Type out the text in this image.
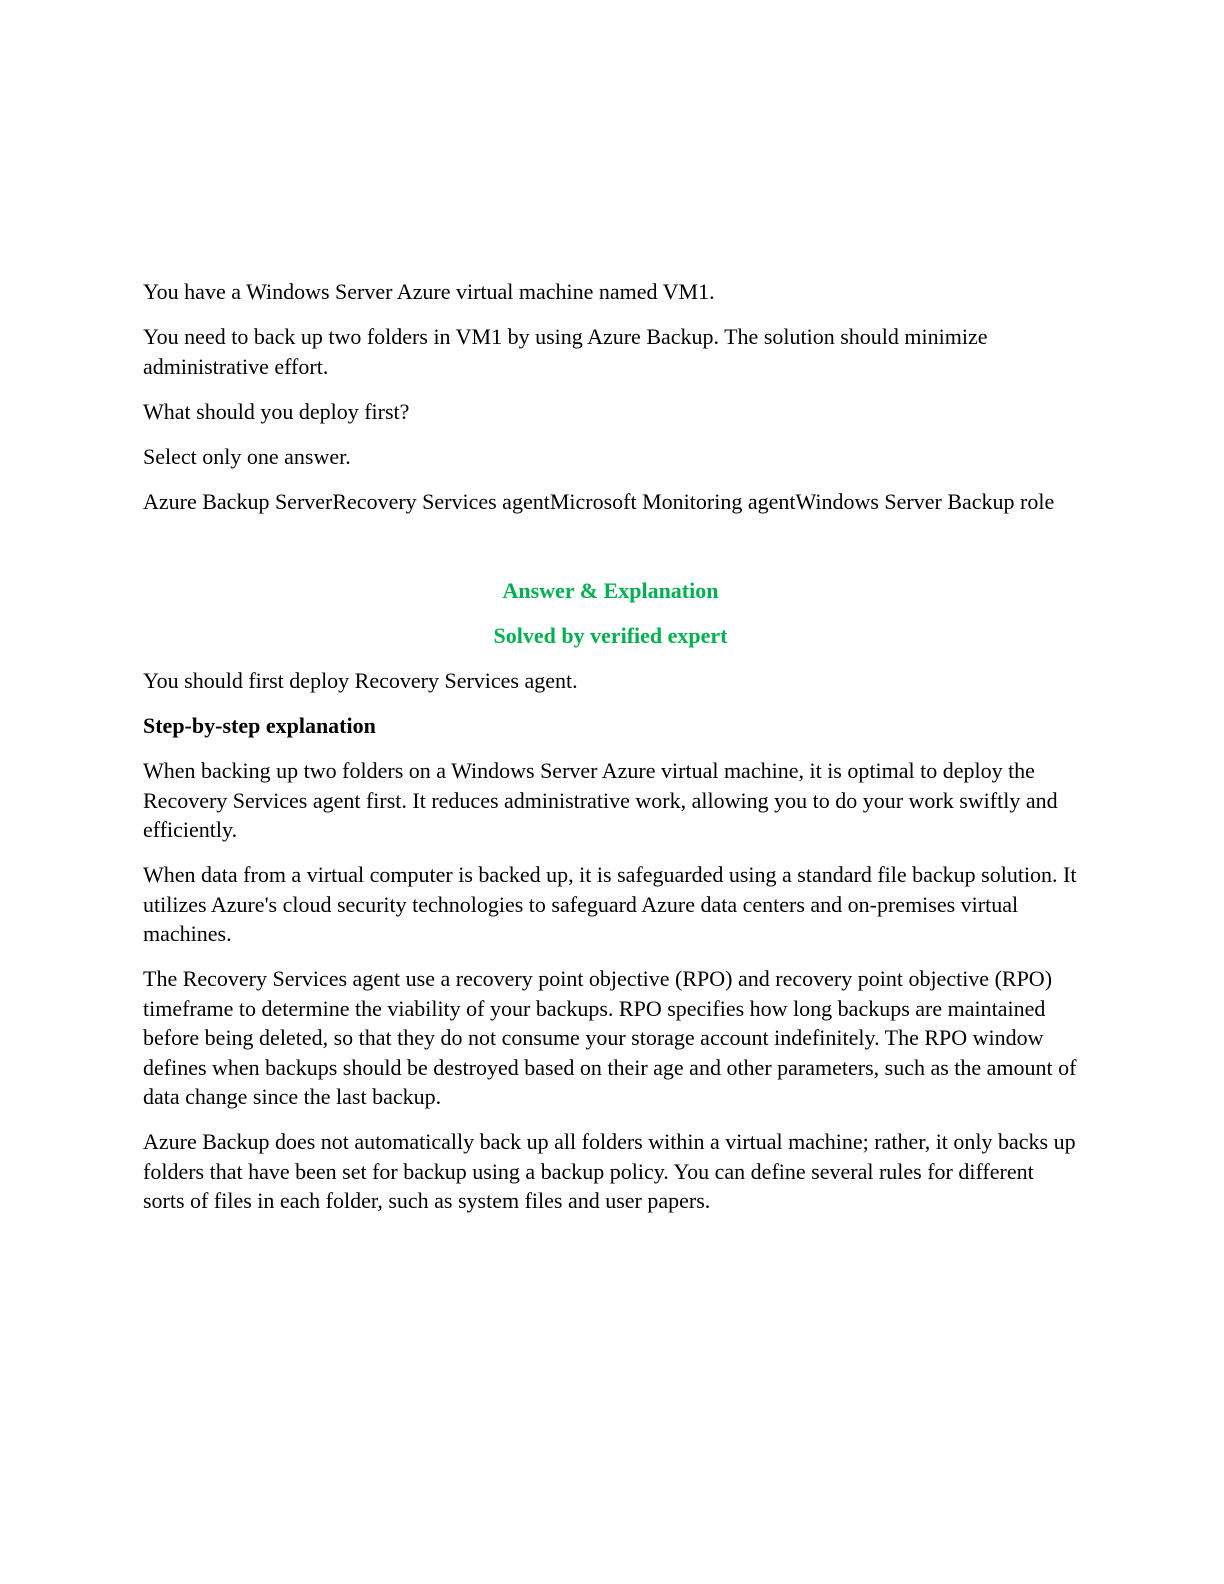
You have a Windows Server Azure virtual machine named VM1.

You need to back up two folders in VM1 by using Azure Backup. The solution should minimize administrative effort.

What should you deploy first?

Select only one answer.

Azure Backup ServerRecovery Services agentMicrosoft Monitoring agentWindows Server Backup role

Answer & Explanation

Solved by verified expert

You should first deploy Recovery Services agent.

Step-by-step explanation

When backing up two folders on a Windows Server Azure virtual machine, it is optimal to deploy the Recovery Services agent first. It reduces administrative work, allowing you to do your work swiftly and efficiently.

When data from a virtual computer is backed up, it is safeguarded using a standard file backup solution. It utilizes Azure's cloud security technologies to safeguard Azure data centers and on-premises virtual machines.

The Recovery Services agent use a recovery point objective (RPO) and recovery point objective (RPO) timeframe to determine the viability of your backups. RPO specifies how long backups are maintained before being deleted, so that they do not consume your storage account indefinitely. The RPO window defines when backups should be destroyed based on their age and other parameters, such as the amount of data change since the last backup.

Azure Backup does not automatically back up all folders within a virtual machine; rather, it only backs up folders that have been set for backup using a backup policy. You can define several rules for different sorts of files in each folder, such as system files and user papers.
